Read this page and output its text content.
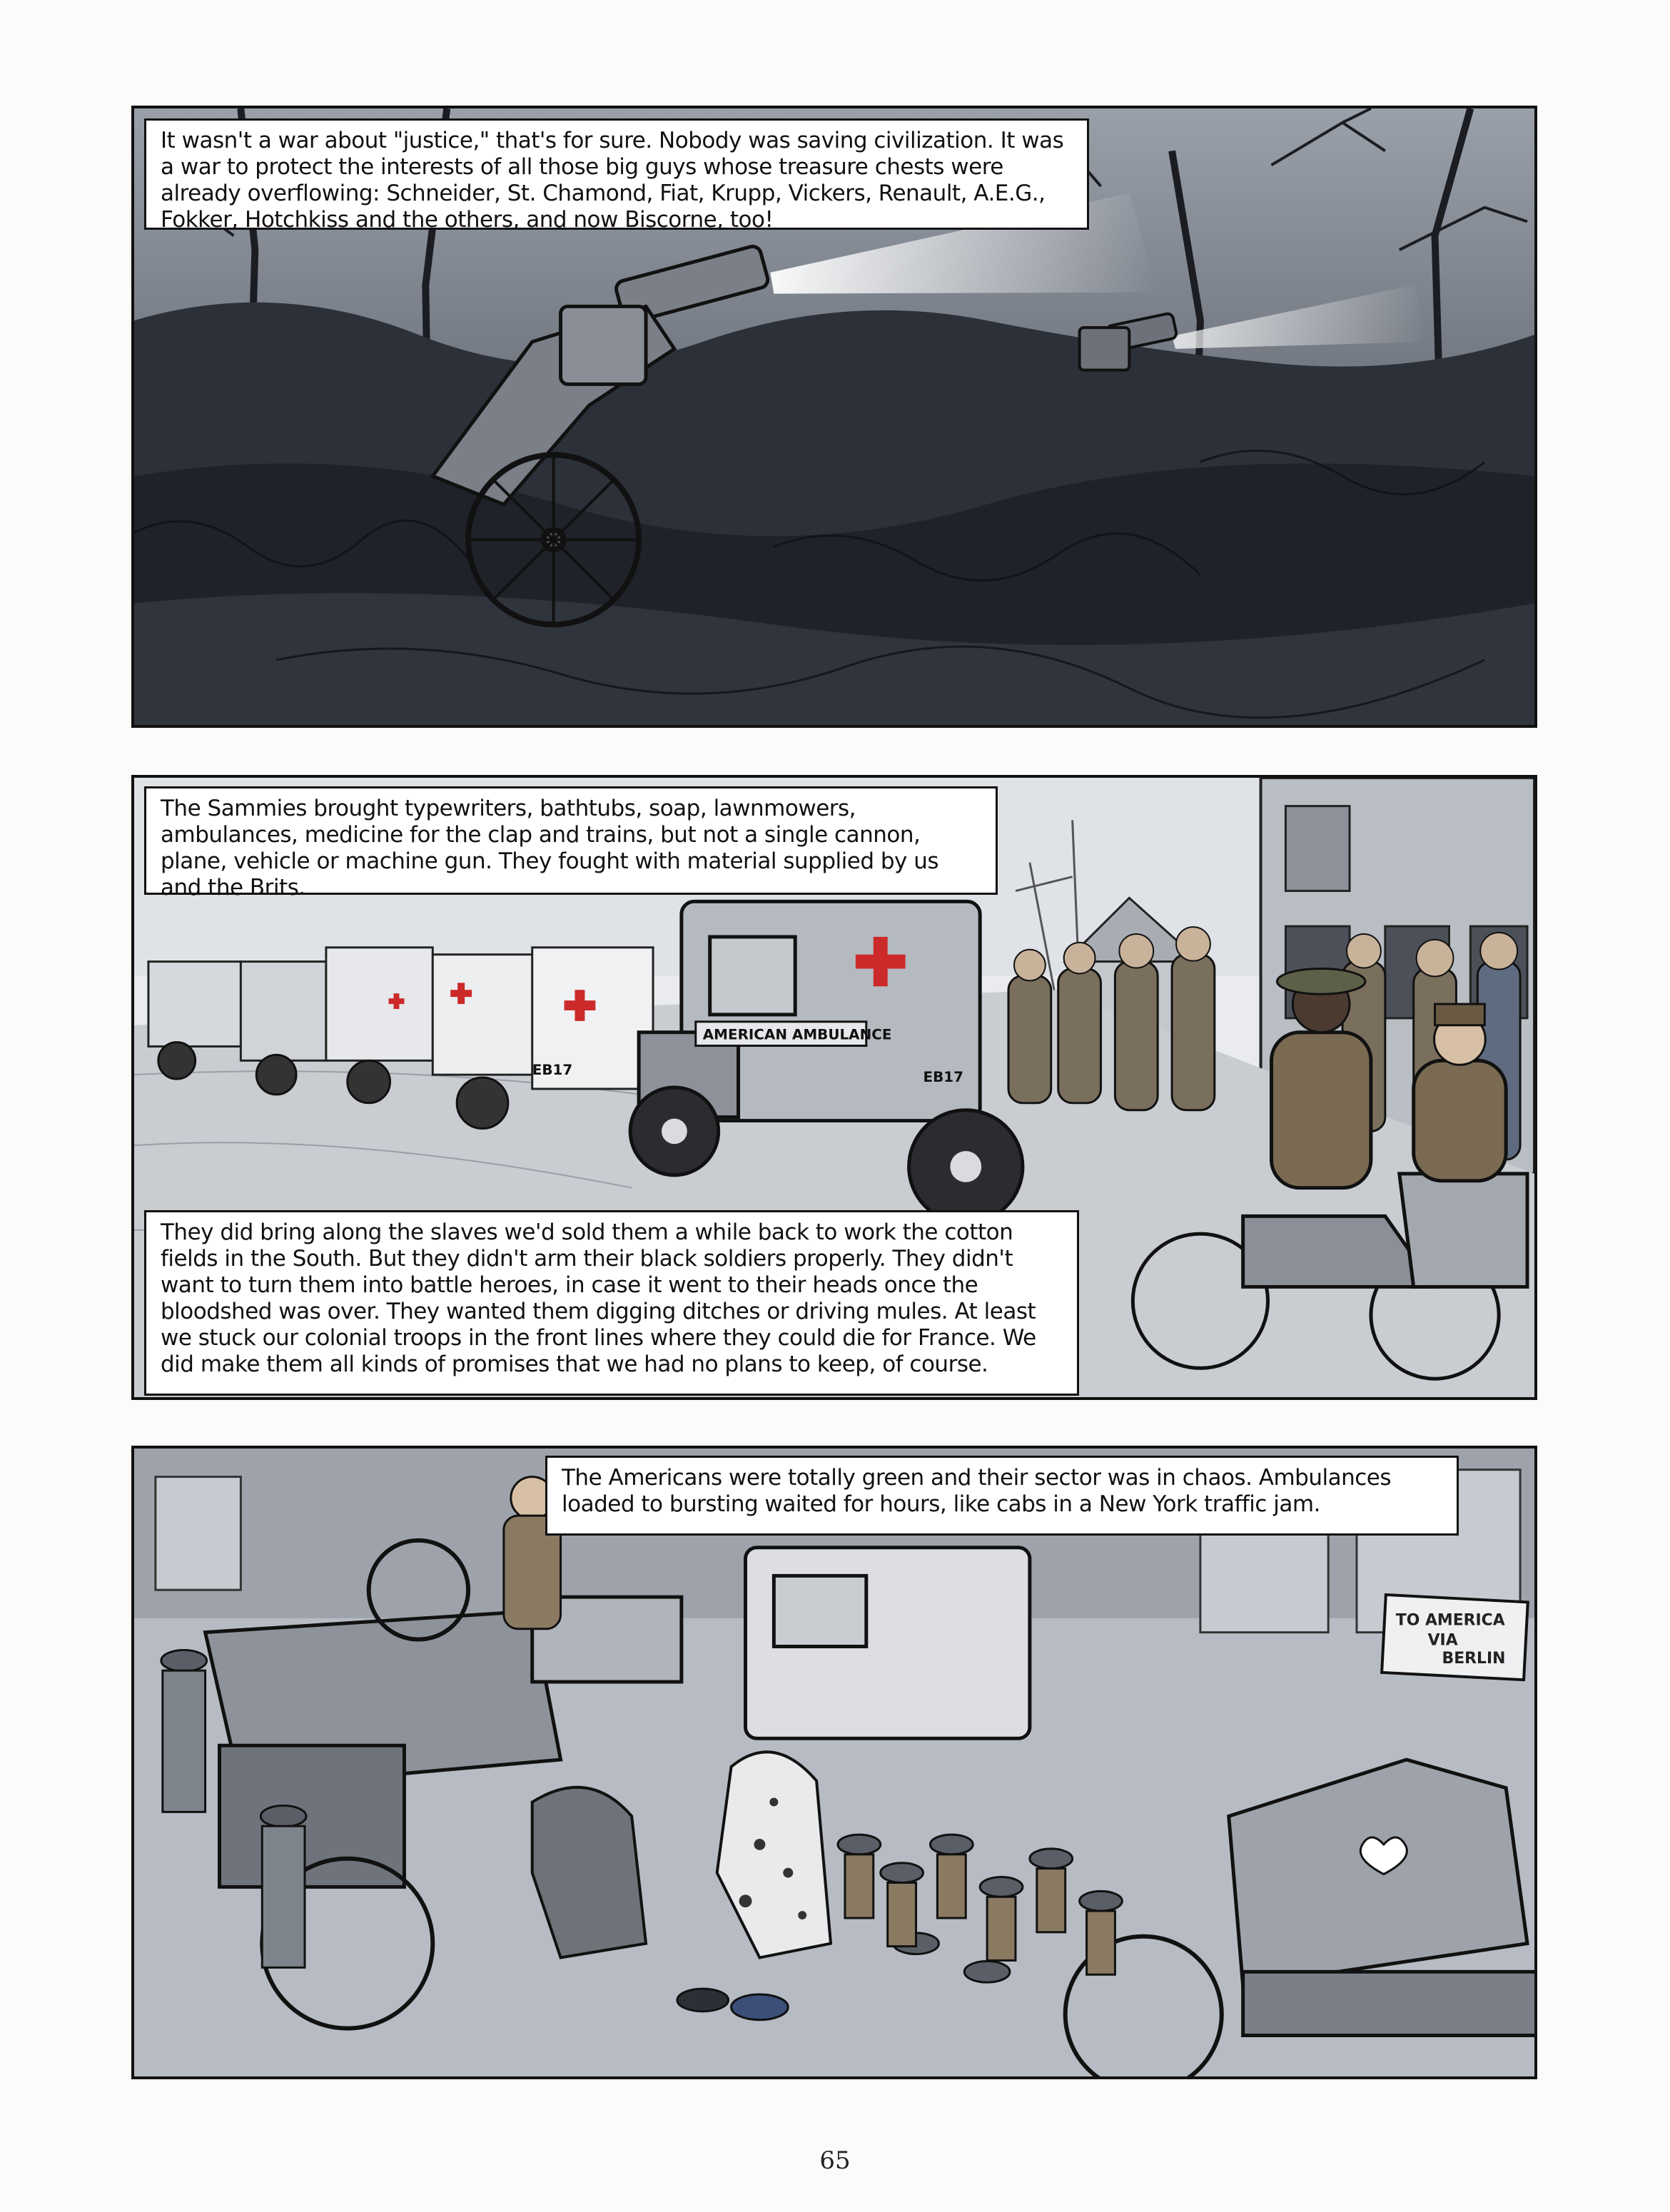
It wasn't a war about "justice," that's for sure. Nobody was saving civilization. It was a war to protect the interests of all those big guys whose treasure chests were already overflowing: Schneider, St. Chamond, Fiat, Krupp, Vickers, Renault, A.E.G., Fokker, Hotchkiss and the others, and now Biscorne, too!
AMERICAN AMBULANCE
EB17	EB17
The Sammies brought typewriters, bathtubs, soap, lawnmowers, ambulances, medicine for the clap and trains, but not a single cannon, plane, vehicle or machine gun. They fought with material supplied by us and the Brits.
They did bring along the slaves we'd sold them a while back to work the cotton fields in the South. But they didn't arm their black soldiers properly. They didn't want to turn them into battle heroes, in case it went to their heads once the bloodshed was over. They wanted them digging ditches or driving mules. At least we stuck our colonial troops in the front lines where they could die for France. We did make them all kinds of promises that we had no plans to keep, of course.
TO AMERICA
VIA
BERLIN
The Americans were totally green and their sector was in chaos. Ambulances loaded to bursting waited for hours, like cabs in a New York traffic jam.
65
